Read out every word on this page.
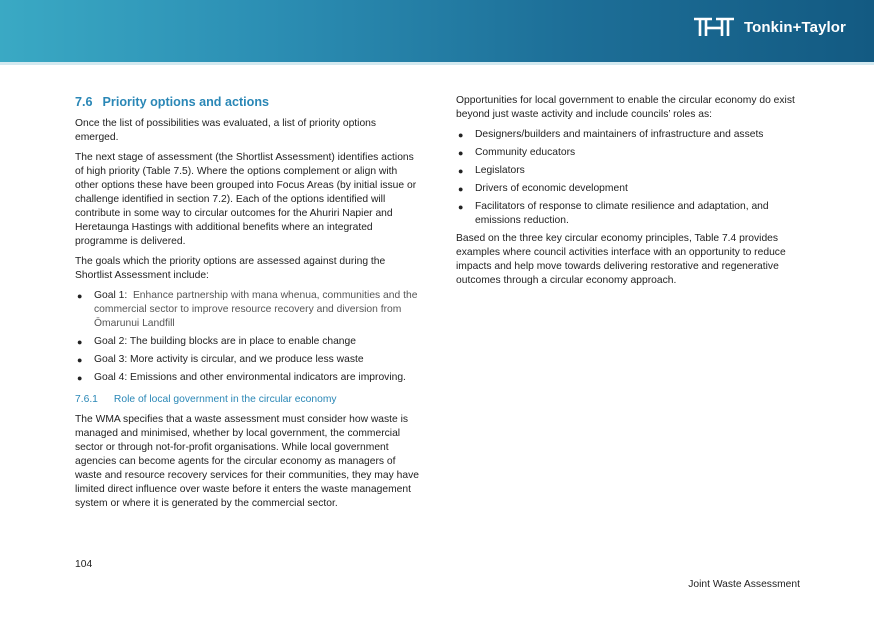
Tonkin+Taylor
7.6 Priority options and actions

Once the list of possibilities was evaluated, a list of priority options emerged.

The next stage of assessment (the Shortlist Assessment) identifies actions of high priority (Table 7.5). Where the options complement or align with other options these have been grouped into Focus Areas (by initial issue or challenge identified in section 7.2). Each of the options identified will contribute in some way to circular outcomes for the Ahuriri Napier and Heretaunga Hastings with additional benefits where an integrated programme is delivered.

The goals which the priority options are assessed against during the Shortlist Assessment include:

● Goal 1: Enhance partnership with mana whenua, communities and the commercial sector to improve resource recovery and diversion from Ōmarunui Landfill
● Goal 2: The building blocks are in place to enable change
● Goal 3: More activity is circular, and we produce less waste
● Goal 4: Emissions and other environmental indicators are improving.
7.6.1 Role of local government in the circular economy

The WMA specifies that a waste assessment must consider how waste is managed and minimised, whether by local government, the commercial sector or through not-for-profit organisations. While local government agencies can become agents for the circular economy as managers of waste and resource recovery services for their communities, they may have limited direct influence over waste before it enters the waste management system or where it is generated by the commercial sector.

Opportunities for local government to enable the circular economy do exist beyond just waste activity and include councils’ roles as:

● Designers/builders and maintainers of infrastructure and assets
● Community educators
● Legislators
● Drivers of economic development
● Facilitators of response to climate resilience and adaptation, and emissions reduction.

Based on the three key circular economy principles, Table 7.4 provides examples where council activities interface with an opportunity to reduce impacts and help move towards delivering restorative and regenerative outcomes through a circular economy approach.

104
Joint Waste Assessment
